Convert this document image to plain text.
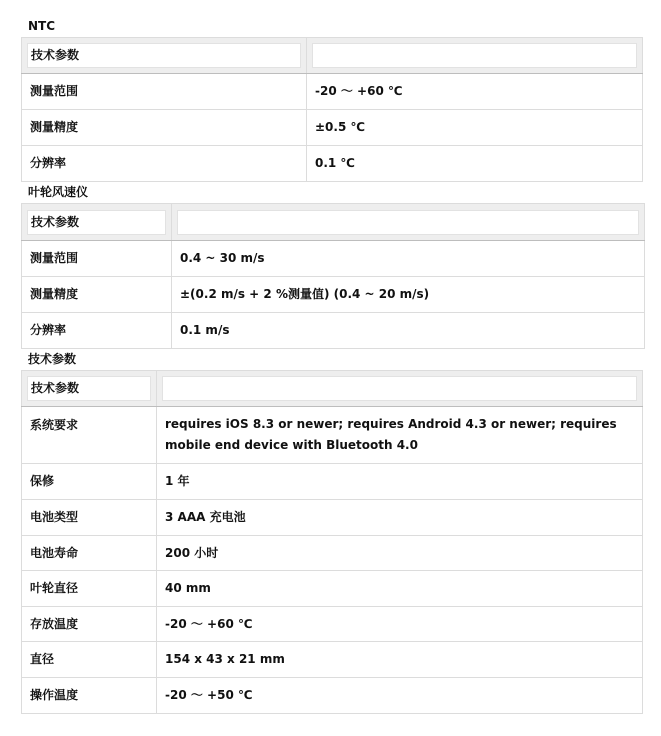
NTC
技术参数	

测量范围	-20 ～ +60 ℃
测量精度	±0.5 ℃
分辨率	0.1 ℃
叶轮风速仪
技术参数	

测量范围	0.4 ~ 30 m/s
测量精度	±(0.2 m/s + 2 %测量值) (0.4 ~ 20 m/s)
分辨率	0.1 m/s
技术参数
技术参数	

系统要求	requires iOS 8.3 or newer; requires Android 4.3 or newer; requires mobile end device with Bluetooth 4.0
保修	1 年
电池类型	3 AAA 充电池
电池寿命	200 小时
叶轮直径	40 mm
存放温度	-20 ～ +60 ℃
直径	154 x 43 x 21 mm
操作温度	-20 ～ +50 ℃
